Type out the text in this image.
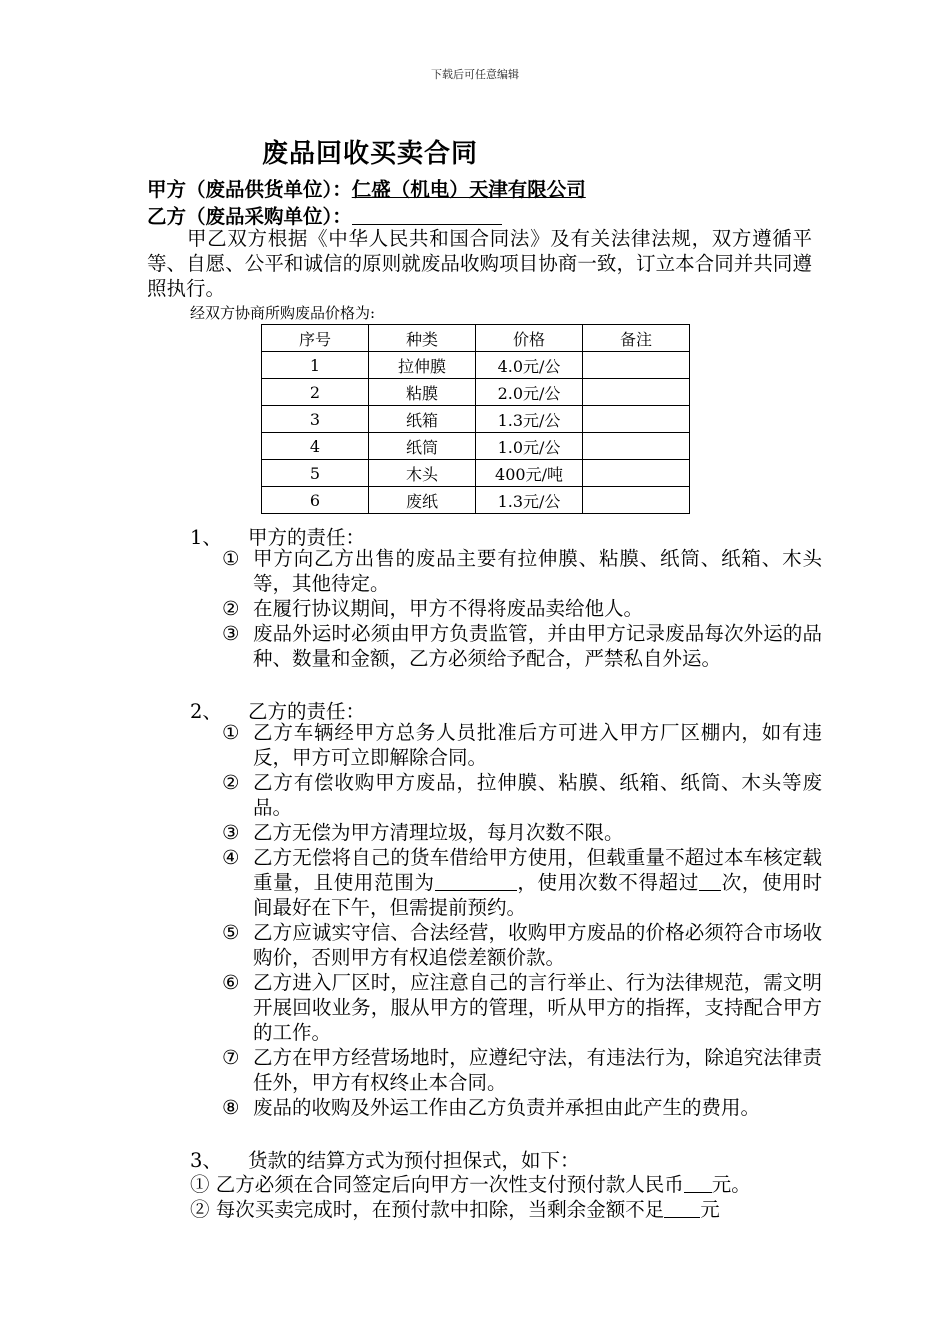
下载后可任意编辑
废品回收买卖合同
甲方（废品供货单位）：仁盛（机电）天津有限公司
乙方（废品采购单位）：
甲乙双方根据《中华人民共和国合同法》及有关法律法规，双方遵循平等、自愿、公平和诚信的原则就废品收购项目协商一致，订立本合同并共同遵照执行。
经双方协商所购废品价格为:
序号	种类	价格	备注
1	拉伸膜	4.0元/公	
2	粘膜	2.0元/公	
3	纸箱	1.3元/公	
4	纸筒	1.0元/公	
5	木头	400元/吨	
6	废纸	1.3元/公	
1、 甲方的责任：
① 甲方向乙方出售的废品主要有拉伸膜、粘膜、纸筒、纸箱、木头等，其他待定。
② 在履行协议期间，甲方不得将废品卖给他人。
③ 废品外运时必须由甲方负责监管，并由甲方记录废品每次外运的品种、数量和金额，乙方必须给予配合，严禁私自外运。
2、 乙方的责任：
① 乙方车辆经甲方总务人员批准后方可进入甲方厂区棚内，如有违反，甲方可立即解除合同。
② 乙方有偿收购甲方废品，拉伸膜、粘膜、纸箱、纸筒、木头等废品。
③ 乙方无偿为甲方清理垃圾，每月次数不限。
④ 乙方无偿将自己的货车借给甲方使用，但载重量不超过本车核定载重量，且使用范围为	，使用次数不得超过 次，使用时间最好在下午，但需提前预约。
⑤ 乙方应诚实守信、合法经营，收购甲方废品的价格必须符合市场收购价，否则甲方有权追偿差额价款。
⑥ 乙方进入厂区时，应注意自己的言行举止、行为法律规范，需文明开展回收业务，服从甲方的管理，听从甲方的指挥，支持配合甲方的工作。
⑦ 乙方在甲方经营场地时，应遵纪守法，有违法行为，除追究法律责任外，甲方有权终止本合同。
⑧ 废品的收购及外运工作由乙方负责并承担由此产生的费用。
3、 货款的结算方式为预付担保式，如下：
① 乙方必须在合同签定后向甲方一次性支付预付款人民币 元。
② 每次买卖完成时，在预付款中扣除，当剩余金额不足 元
